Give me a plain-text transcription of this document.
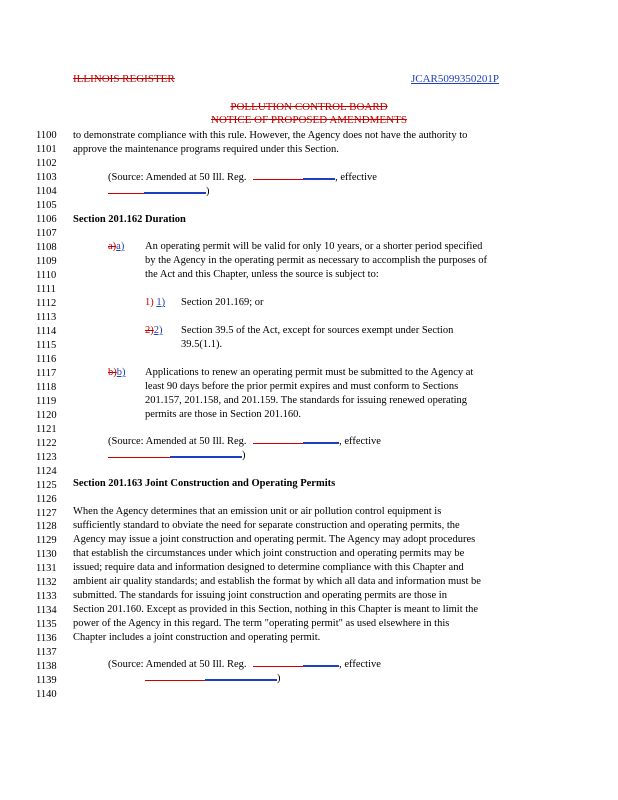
ILLINOIS REGISTER	JCAR5099350201P
POLLUTION CONTROL BOARD
NOTICE OF PROPOSED AMENDMENTS
1100
1101
1102
1103
1104
1105
1106
1107
1108
1109
1110
1111
1112
1113
1114
1115
1116
1117
1118
1119
1120
1121
1122
1123
1124
1125
1126
1127
1128
1129
1130
1131
1132
1133
1134
1135
1136
1137
1138
1139
1140
to demonstrate compliance with this rule. However, the Agency does not have the authority to
approve the maintenance programs required under this Section.
(Source: Amended at 50 Ill. Reg.	, effective
)
Section 201.162 Duration
a)a) An operating permit will be valid for only 10 years, or a shorter period specified
by the Agency in the operating permit as necessary to accomplish the purposes of
the Act and this Chapter, unless the source is subject to:
1) 1) Section 201.169; or
2)2) Section 39.5 of the Act, except for sources exempt under Section
39.5(1.1).
b)b) Applications to renew an operating permit must be submitted to the Agency at
least 90 days before the prior permit expires and must conform to Sections
201.157, 201.158, and 201.159. The standards for issuing renewed operating
permits are those in Section 201.160.
(Source: Amended at 50 Ill. Reg.	, effective
)
Section 201.163 Joint Construction and Operating Permits
When the Agency determines that an emission unit or air pollution control equipment is
sufficiently standard to obviate the need for separate construction and operating permits, the
Agency may issue a joint construction and operating permit. The Agency may adopt procedures
that establish the circumstances under which joint construction and operating permits may be
issued; require data and information designed to determine compliance with this Chapter and
ambient air quality standards; and establish the format by which all data and information must be
submitted. The standards for issuing joint construction and operating permits are those in
Section 201.160. Except as provided in this Section, nothing in this Chapter is meant to limit the
power of the Agency in this regard. The term "operating permit" as used elsewhere in this
Chapter includes a joint construction and operating permit.
(Source: Amended at 50 Ill. Reg.	, effective
)
